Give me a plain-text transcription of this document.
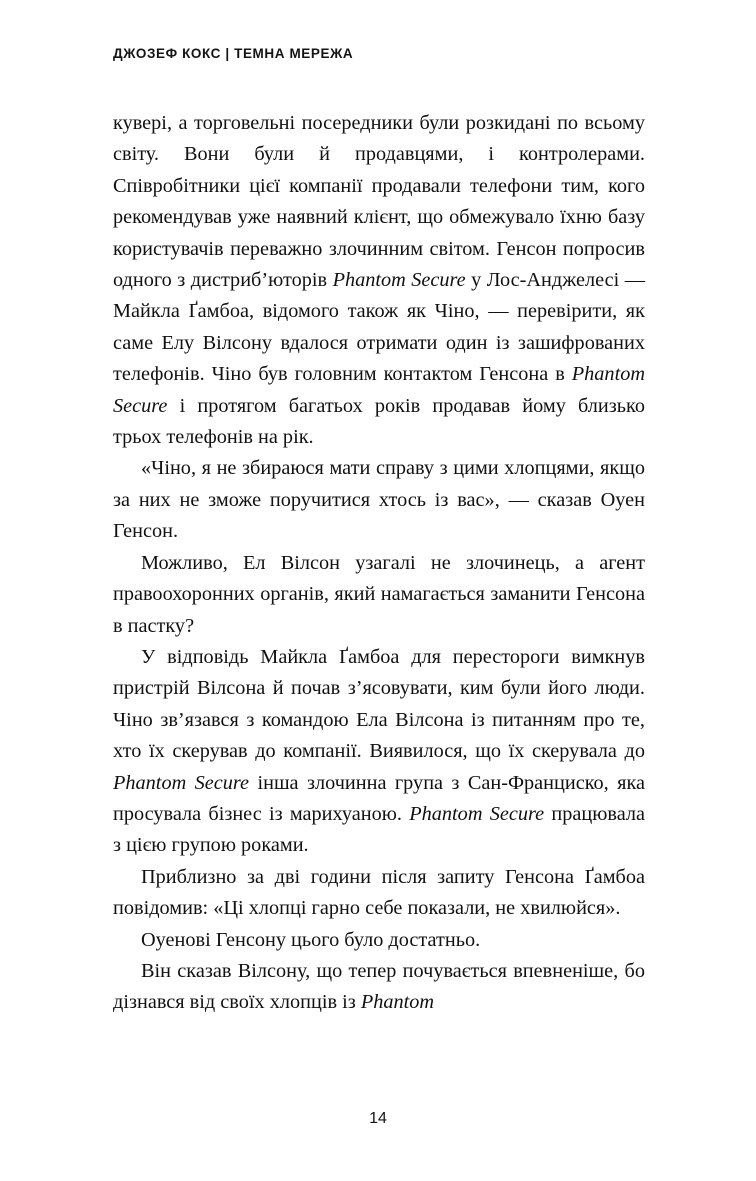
ДЖОЗЕФ КОКС | ТЕМНА МЕРЕЖА

кувері, а торговельні посередники були розкидані по всьому світу. Вони були й продавцями, і контролерами. Співробітники цієї компанії продавали телефони тим, кого рекомендував уже наявний клієнт, що обмежувало їхню базу користувачів переважно злочинним світом. Генсон попросив одного з дистриб’юторів Phantom Secure у Лос-Анджелесі — Майкла Ґамбоа, відомого також як Чіно, — перевірити, як саме Елу Вілсону вдалося отримати один із зашифрованих телефонів. Чіно був головним контактом Генсона в Phantom Secure і протягом багатьох років продавав йому близько трьох телефонів на рік.

«Чіно, я не збираюся мати справу з цими хлопцями, якщо за них не зможе поручитися хтось із вас», — сказав Оуен Генсон.

Можливо, Ел Вілсон узагалі не злочинець, а агент правоохоронних органів, який намагається заманити Генсона в пастку?

У відповідь Майкла Ґамбоа для перестороги вимкнув пристрій Вілсона й почав з’ясовувати, ким були його люди. Чіно зв’язався з командою Ела Вілсона із питанням про те, хто їх скерував до компанії. Виявилося, що їх скерувала до Phantom Secure інша злочинна група з Сан-Франциско, яка просувала бізнес із марихуаною. Phantom Secure працювала з цією групою роками.

Приблизно за дві години після запиту Генсона Ґамбоа повідомив: «Ці хлопці гарно себе показали, не хвилюйся».

Оуенові Генсону цього було достатньо.

Він сказав Вілсону, що тепер почувається впевненіше, бо дізнався від своїх хлопців із Phantom

14
